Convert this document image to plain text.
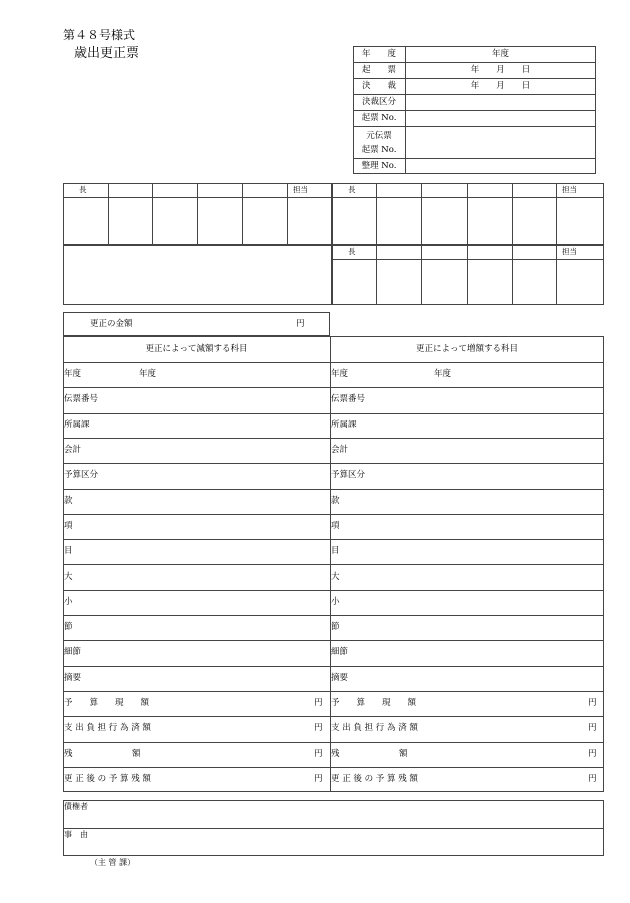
第４８号様式
歳出更正票	年　　度	年度
起　　票	年　　月　　日
決　　裁	年　　月　　日
決裁区分
起票 No.
元伝票
起票 No.
整理 No.
長	担当	長	担当
長	担当
更正の金額	円
更正によって減額する科目	更正によって増額する科目
年度	年度	年度	年度
伝票番号	伝票番号
所属課	所属課
会計	会計
予算区分	予算区分
款	款
項	項
目	目
大	大
小	小
節	節
細節	細節
摘要	摘要
予　　算　　現　　額	円 予　　算　　現　　額	円
支 出 負 担 行 為 済 額	円 支 出 負 担 行 為 済 額	円
残　　　　　　　額	円 残　　　　　　　額	円
更 正 後 の 予 算 残 額	円 更 正 後 の 予 算 残 額	円
債権者
事　由
（主 管 課）
